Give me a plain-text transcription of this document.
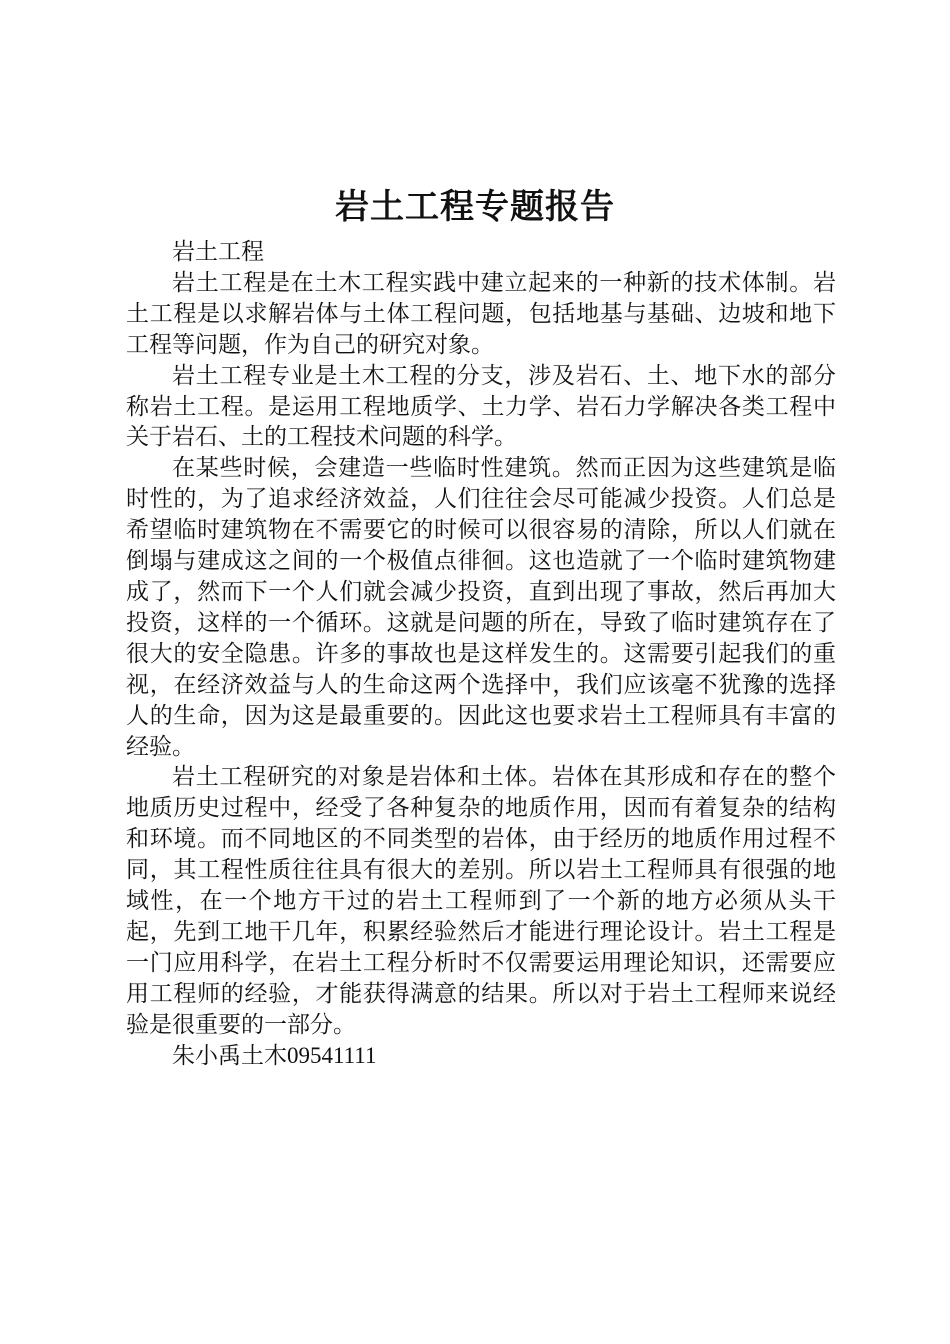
岩土工程专题报告

岩土工程

岩土工程是在土木工程实践中建立起来的一种新的技术体制。岩土工程是以求解岩体与土体工程问题，包括地基与基础、边坡和地下工程等问题，作为自己的研究对象。

岩土工程专业是土木工程的分支，涉及岩石、土、地下水的部分称岩土工程。是运用工程地质学、土力学、岩石力学解决各类工程中关于岩石、土的工程技术问题的科学。

在某些时候，会建造一些临时性建筑。然而正因为这些建筑是临时性的，为了追求经济效益，人们往往会尽可能减少投资。人们总是希望临时建筑物在不需要它的时候可以很容易的清除，所以人们就在倒塌与建成这之间的一个极值点徘徊。这也造就了一个临时建筑物建成了，然而下一个人们就会减少投资，直到出现了事故，然后再加大投资，这样的一个循环。这就是问题的所在，导致了临时建筑存在了很大的安全隐患。许多的事故也是这样发生的。这需要引起我们的重视，在经济效益与人的生命这两个选择中，我们应该毫不犹豫的选择人的生命，因为这是最重要的。因此这也要求岩土工程师具有丰富的经验。

岩土工程研究的对象是岩体和土体。岩体在其形成和存在的整个地质历史过程中，经受了各种复杂的地质作用，因而有着复杂的结构和环境。而不同地区的不同类型的岩体，由于经历的地质作用过程不同，其工程性质往往具有很大的差别。所以岩土工程师具有很强的地域性，在一个地方干过的岩土工程师到了一个新的地方必须从头干起，先到工地干几年，积累经验然后才能进行理论设计。岩土工程是一门应用科学，在岩土工程分析时不仅需要运用理论知识，还需要应用工程师的经验，才能获得满意的结果。所以对于岩土工程师来说经验是很重要的一部分。

朱小禹土木09541111
